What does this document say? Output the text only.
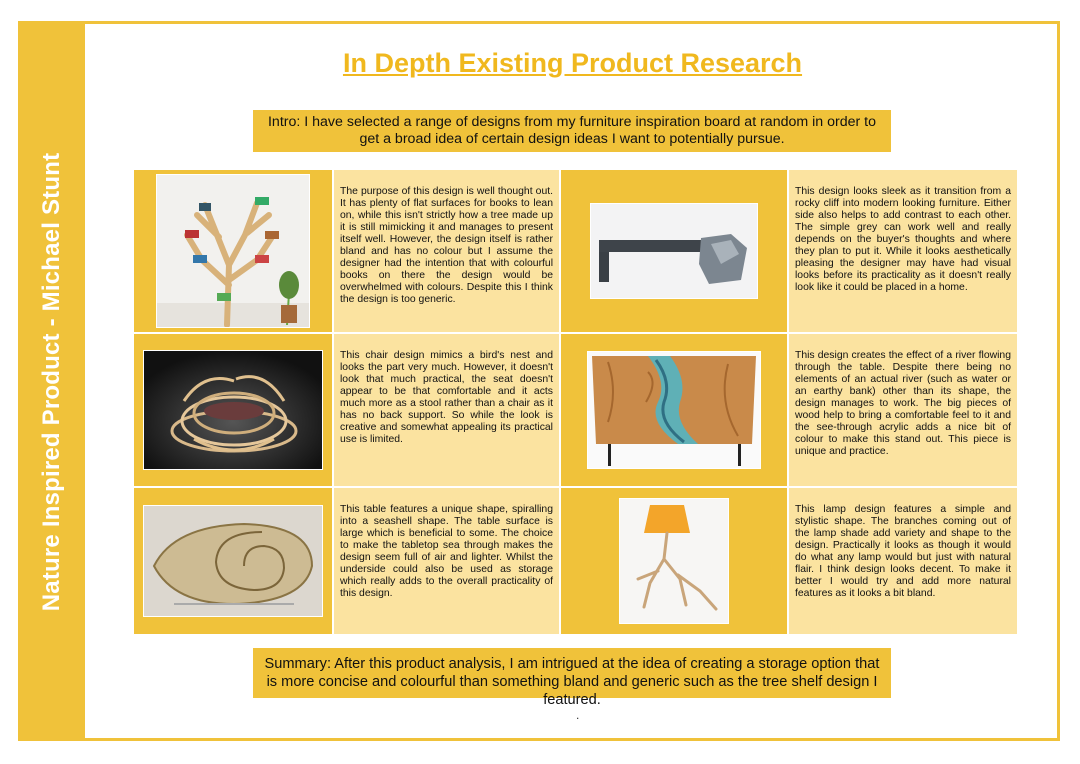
Nature Inspired Product - Michael Stunt
In Depth Existing Product Research
Intro: I have selected a range of designs from my furniture inspiration board at random in order to get a broad idea of certain design ideas I want to potentially pursue.
The purpose of this design is well thought out. It has plenty of flat surfaces for books to lean on, while this isn't strictly how a tree made up it is still mimicking it and manages to present itself well. However, the design itself is rather bland and has no colour but I assume the designer had the intention that with colourful books on there the design would be overwhelmed with colours. Despite this I think the design is too generic.
This design looks sleek as it transition from a rocky cliff into modern looking furniture. Either side also helps to add contrast to each other. The simple grey can work well and really depends on the buyer's thoughts and where they plan to put it. While it looks aesthetically pleasing the designer may have had visual looks before its practicality as it doesn't really look like it could be placed in a home.
This chair design mimics a bird's nest and looks the part very much. However, it doesn't look that much practical, the seat doesn't appear to be that comfortable and it acts much more as a stool rather than a chair as it has no back support. So while the look is creative and somewhat appealing its practical use is limited.
This design creates the effect of a river flowing through the table. Despite there being no elements of an actual river (such as water or an earthy bank) other than its shape, the design manages to work. The big pieces of wood help to bring a comfortable feel to it and the see-through acrylic adds a nice bit of colour to make this stand out. This piece is unique and practice.
This table features a unique shape, spiralling into a seashell shape. The table surface is large which is beneficial to some. The choice to make the tabletop sea through makes the design seem full of air and lighter. Whilst the underside could also be used as storage which really adds to the overall practicality of this design.
This lamp design features a simple and stylistic shape. The branches coming out of the lamp shade add variety and shape to the design. Practically it looks as though it would do what any lamp would but just with natural flair. I think design looks decent. To make it better I would try and add more natural features as it looks a bit bland.
Summary: After this product analysis, I am intrigued at the idea of creating a storage option that is more concise and colourful than something bland and generic such as the tree shelf design I featured.
.
